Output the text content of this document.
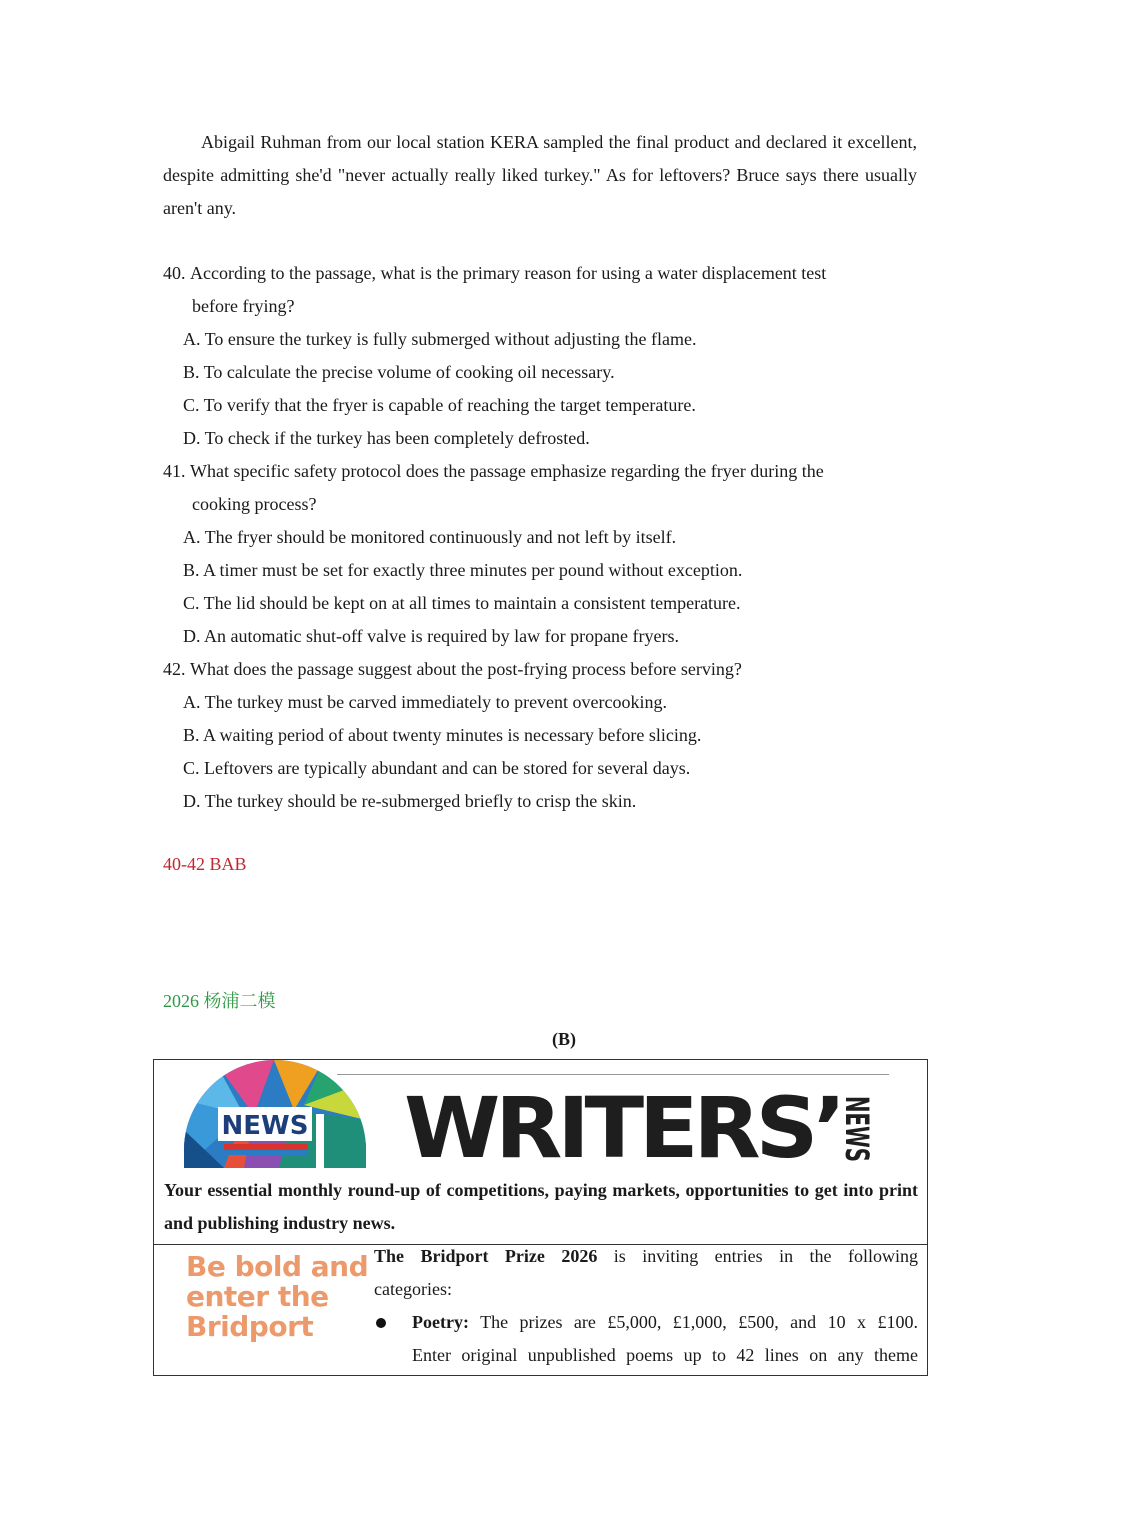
Abigail Ruhman from our local station KERA sampled the final product and declared it excellent, despite admitting she'd "never actually really liked turkey." As for leftovers? Bruce says there usually aren't any.
40. According to the passage, what is the primary reason for using a water displacement test
before frying?
A. To ensure the turkey is fully submerged without adjusting the flame.
B. To calculate the precise volume of cooking oil necessary.
C. To verify that the fryer is capable of reaching the target temperature.
D. To check if the turkey has been completely defrosted.
41. What specific safety protocol does the passage emphasize regarding the fryer during the
cooking process?
A. The fryer should be monitored continuously and not left by itself.
B. A timer must be set for exactly three minutes per pound without exception.
C. The lid should be kept on at all times to maintain a consistent temperature.
D. An automatic shut-off valve is required by law for propane fryers.
42. What does the passage suggest about the post-frying process before serving?
A. The turkey must be carved immediately to prevent overcooking.
B. A waiting period of about twenty minutes is necessary before slicing.
C. Leftovers are typically abundant and can be stored for several days.
D. The turkey should be re-submerged briefly to crisp the skin.
40-42 BAB
2026 杨浦二模
(B)
NEWS WRITERS’
NEWS
Your essential monthly round-up of competitions, paying markets, opportunities to get into print and publishing industry news.
Be bold and
enter the
Bridport
The Bridport Prize 2026 is inviting entries in the following
categories:
Poetry: The prizes are £5,000, £1,000, £500, and 10 x £100.
Enter original unpublished poems up to 42 lines on any theme
